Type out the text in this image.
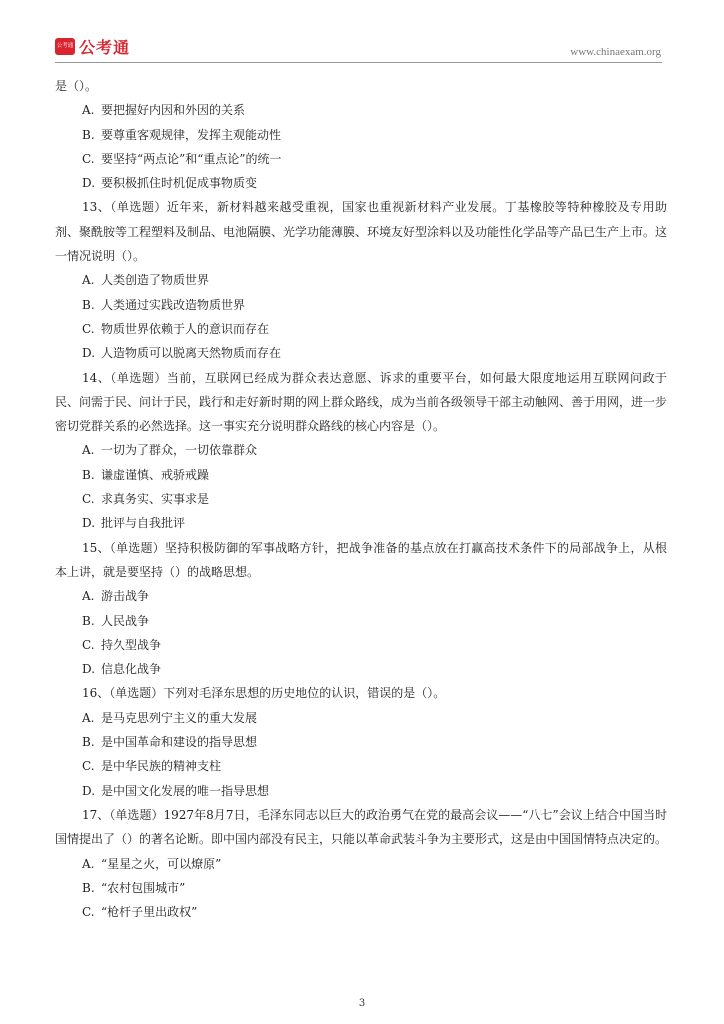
公考通 公考通	www.chinaexam.org
是（）。
A. 要把握好内因和外因的关系
B. 要尊重客观规律，发挥主观能动性
C. 要坚持“两点论”和“重点论”的统一
D. 要积极抓住时机促成事物质变
13、（单选题）近年来，新材料越来越受重视，国家也重视新材料产业发展。丁基橡胶等特种橡胶及专用助剂、聚酰胺等工程塑料及制品、电池隔膜、光学功能薄膜、环境友好型涂料以及功能性化学品等产品已生产上市。这一情况说明（）。
A. 人类创造了物质世界
B. 人类通过实践改造物质世界
C. 物质世界依赖于人的意识而存在
D. 人造物质可以脱离天然物质而存在
14、（单选题）当前，互联网已经成为群众表达意愿、诉求的重要平台，如何最大限度地运用互联网问政于民、问需于民、问计于民，践行和走好新时期的网上群众路线，成为当前各级领导干部主动触网、善于用网，进一步密切党群关系的必然选择。这一事实充分说明群众路线的核心内容是（）。
A. 一切为了群众，一切依靠群众
B. 谦虚谨慎、戒骄戒躁
C. 求真务实、实事求是
D. 批评与自我批评
15、（单选题）坚持积极防御的军事战略方针，把战争准备的基点放在打赢高技术条件下的局部战争上，从根本上讲，就是要坚持（）的战略思想。
A. 游击战争
B. 人民战争
C. 持久型战争
D. 信息化战争
16、（单选题）下列对毛泽东思想的历史地位的认识，错误的是（）。
A. 是马克思列宁主义的重大发展
B. 是中国革命和建设的指导思想
C. 是中华民族的精神支柱
D. 是中国文化发展的唯一指导思想
17、（单选题）1927年8月7日，毛泽东同志以巨大的政治勇气在党的最高会议——“八七”会议上结合中国当时国情提出了（）的著名论断。即中国内部没有民主，只能以革命武装斗争为主要形式，这是由中国国情特点决定的。
A. “星星之火，可以燎原”
B. “农村包围城市”
C. “枪杆子里出政权”
3
